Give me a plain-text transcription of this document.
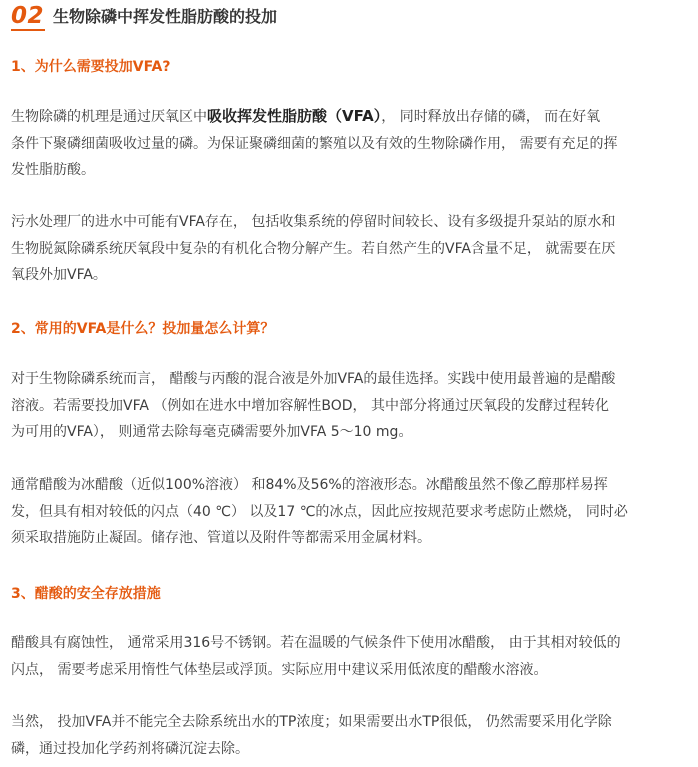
02 生物除磷中挥发性脂肪酸的投加
1、为什么需要投加VFA?
生物除磷的机理是通过厌氧区中吸收挥发性脂肪酸（VFA）， 同时释放出存储的磷， 而在好氧
条件下聚磷细菌吸收过量的磷。为保证聚磷细菌的繁殖以及有效的生物除磷作用， 需要有充足的挥
发性脂肪酸。
污水处理厂的进水中可能有VFA存在， 包括收集系统的停留时间较长、设有多级提升泵站的原水和
生物脱氮除磷系统厌氧段中复杂的有机化合物分解产生。若自然产生的VFA含量不足， 就需要在厌
氧段外加VFA。
2、常用的VFA是什么？投加量怎么计算？
对于生物除磷系统而言， 醋酸与丙酸的混合液是外加VFA的最佳选择。实践中使用最普遍的是醋酸
溶液。若需要投加VFA （例如在进水中增加容解性BOD， 其中部分将通过厌氧段的发酵过程转化
为可用的VFA）， 则通常去除每毫克磷需要外加VFA 5～10 mg。
通常醋酸为冰醋酸（近似100%溶液） 和84%及56%的溶液形态。冰醋酸虽然不像乙醇那样易挥
发，但具有相对较低的闪点（40 ℃） 以及17 ℃的冰点，因此应按规范要求考虑防止燃烧， 同时必
须采取措施防止凝固。储存池、管道以及附件等都需采用金属材料。
3、醋酸的安全存放措施
醋酸具有腐蚀性， 通常采用316号不锈钢。若在温暖的气候条件下使用冰醋酸， 由于其相对较低的
闪点， 需要考虑采用惰性气体垫层或浮顶。实际应用中建议采用低浓度的醋酸水溶液。
当然， 投加VFA并不能完全去除系统出水的TP浓度；如果需要出水TP很低， 仍然需要采用化学除
磷，通过投加化学药剂将磷沉淀去除。
